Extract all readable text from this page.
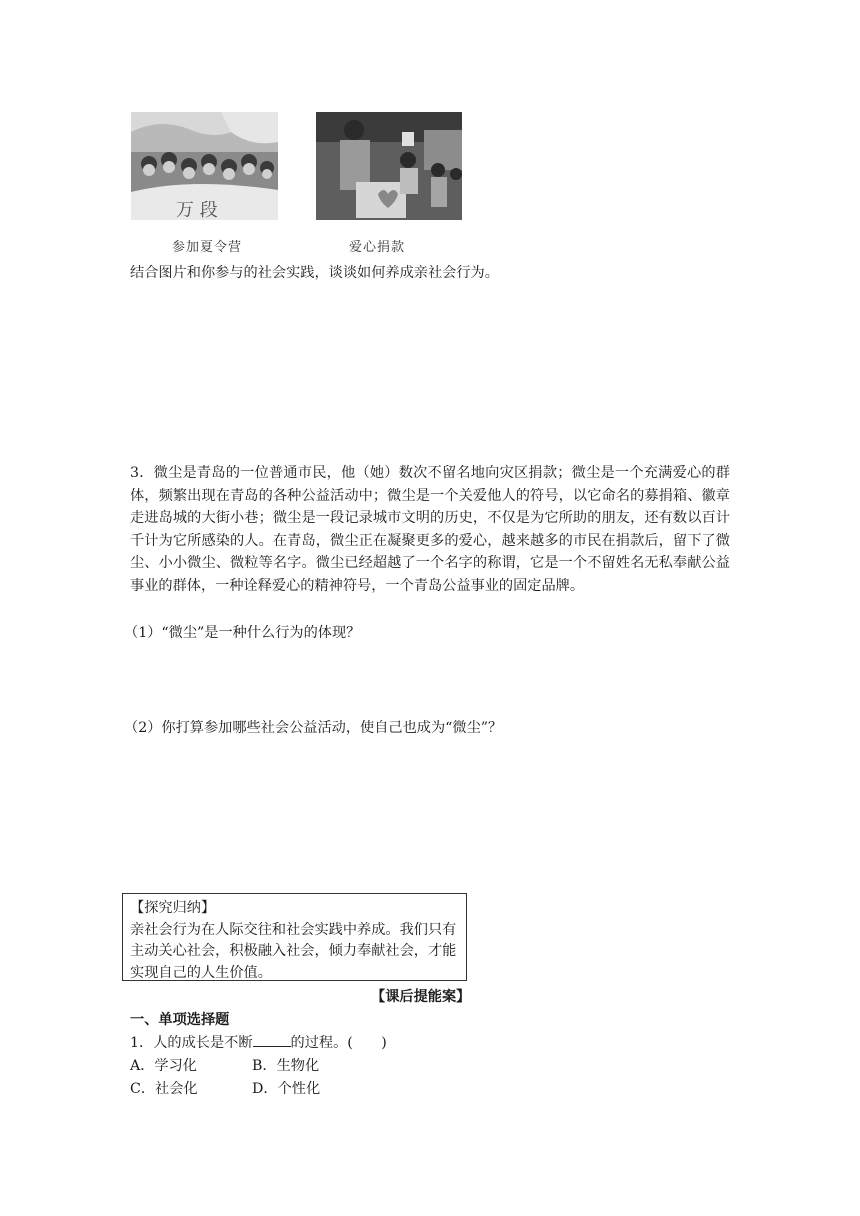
万 段
参加夏令营	爱心捐款
结合图片和你参与的社会实践，谈谈如何养成亲社会行为。
3．微尘是青岛的一位普通市民，他（她）数次不留名地向灾区捐款；微尘是一个充满爱心的群体，频繁出现在青岛的各种公益活动中；微尘是一个关爱他人的符号，以它命名的募捐箱、徽章走进岛城的大街小巷；微尘是一段记录城市文明的历史，不仅是为它所助的朋友，还有数以百计千计为它所感染的人。在青岛，微尘正在凝聚更多的爱心，越来越多的市民在捐款后，留下了微尘、小小微尘、微粒等名字。微尘已经超越了一个名字的称谓，它是一个不留姓名无私奉献公益事业的群体，一种诠释爱心的精神符号，一个青岛公益事业的固定品牌。
（1）“微尘”是一种什么行为的体现？
（2）你打算参加哪些社会公益活动，使自己也成为“微尘”？
【探究归纳】
亲社会行为在人际交往和社会实践中养成。我们只有主动关心社会，积极融入社会，倾力奉献社会，才能实现自己的人生价值。
【课后提能案】
一、单项选择题
1．人的成长是不断	的过程。(　　)
A．学习化	B．生物化
C．社会化	D．个性化
